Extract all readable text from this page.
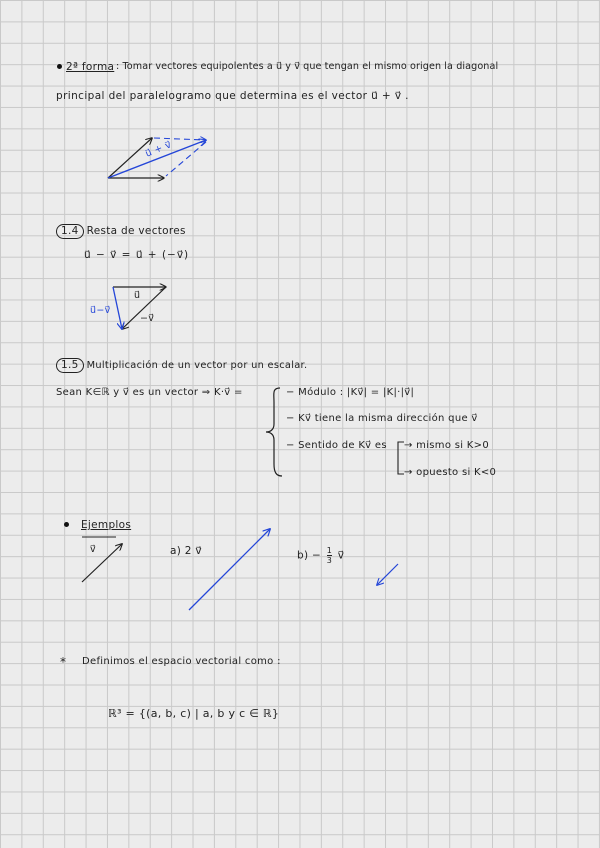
2ª forma : Tomar vectores equipolentes a u⃗ y v⃗ que tengan el mismo origen la diagonal
principal del paralelogramo que determina es el vector u⃗ + v⃗ .
u⃗ + v⃗
1.4 Resta de vectores
u⃗ − v⃗ = u⃗ + (−v⃗)
u⃗
−v⃗
u⃗−v⃗
1.5 Multiplicación de un vector por un escalar.
Sean K∈ℝ y v⃗ es un vector ⇒ K·v⃗ =	− Módulo : |Kv⃗| = |K|·|v⃗|
− Kv⃗ tiene la misma dirección que v⃗
− Sentido de Kv⃗ es → mismo si K>0
→ opuesto si K<0
Ejemplos
v⃗	a) 2 v⃗	$b) - \frac{1}{3}$ v⃗
* Definimos el espacio vectorial como :
ℝ³ = {(a, b, c) | a, b y c ∈ ℝ}
